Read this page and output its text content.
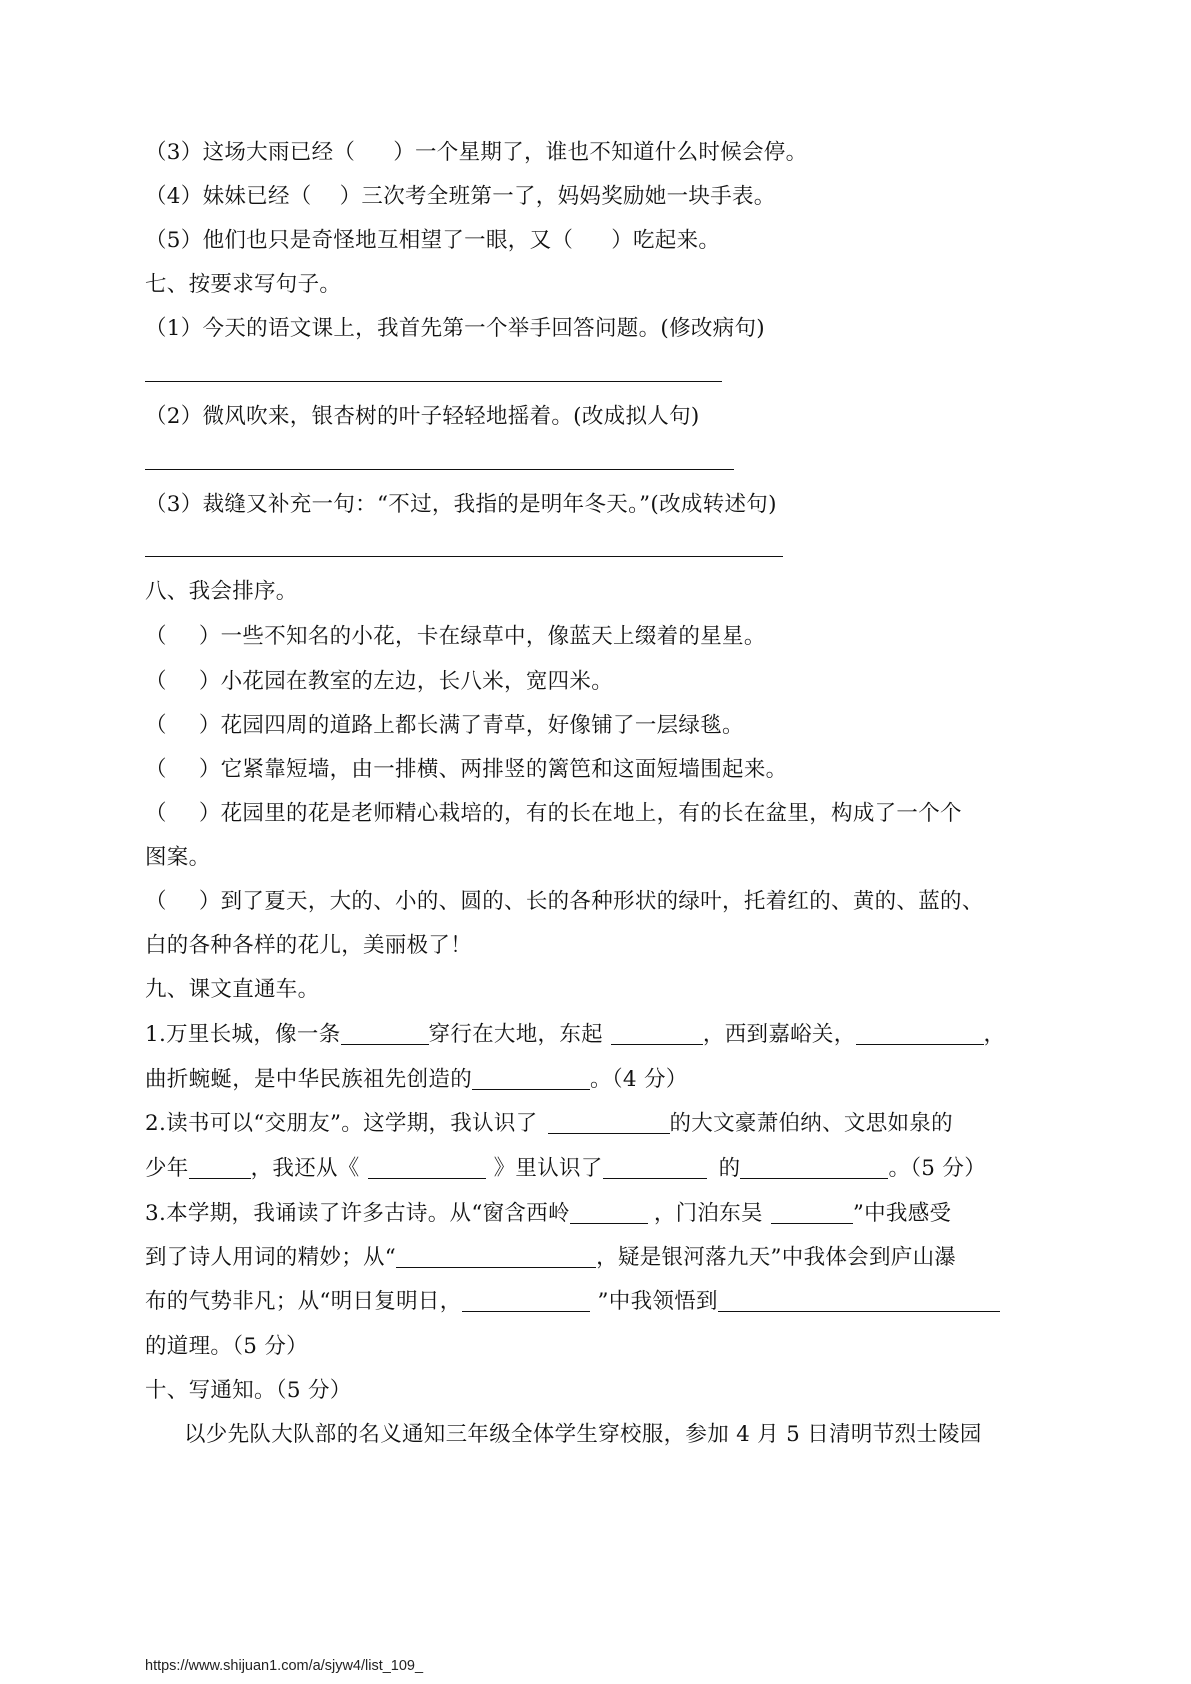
（3）这场大雨已经（ ）一个星期了，谁也不知道什么时候会停。
（4）妹妹已经（ ）三次考全班第一了，妈妈奖励她一块手表。
（5）他们也只是奇怪地互相望了一眼，又（ ）吃起来。
七、按要求写句子。
（1）今天的语文课上，我首先第一个举手回答问题。(修改病句)
（2）微风吹来，银杏树的叶子轻轻地摇着。(改成拟人句)
（3）裁缝又补充一句：“不过，我指的是明年冬天。”(改成转述句)
八、我会排序。
（ ）一些不知名的小花，卡在绿草中，像蓝天上缀着的星星。
（ ）小花园在教室的左边，长八米，宽四米。
（ ）花园四周的道路上都长满了青草，好像铺了一层绿毯。
（ ）它紧靠短墙，由一排横、两排竖的篱笆和这面短墙围起来。
（ ）花园里的花是老师精心栽培的，有的长在地上，有的长在盆里，构成了一个个
图案。
（ ）到了夏天，大的、小的、圆的、长的各种形状的绿叶，托着红的、黄的、蓝的、
白的各种各样的花儿，美丽极了！
九、课文直通车。
1.万里长城，像一条	穿行在大地，东起	，西到嘉峪关，	，
曲折蜿蜒，是中华民族祖先创造的	。（4 分）
2.读书可以“交朋友”。这学期，我认识了	的大文豪萧伯纳、文思如泉的
少年	，我还从《	》里认识了	的	。（5 分）
3.本学期，我诵读了许多古诗。从“窗含西岭	，门泊东吴	”中我感受
到了诗人用词的精妙；从“	，疑是银河落九天”中我体会到庐山瀑
布的气势非凡；从“明日复明日，	”中我领悟到
的道理。（5 分）
十、写通知。（5 分）
以少先队大队部的名义通知三年级全体学生穿校服，参加 4 月 5 日清明节烈士陵园
https://www.shijuan1.com/a/sjyw4/list_109_
